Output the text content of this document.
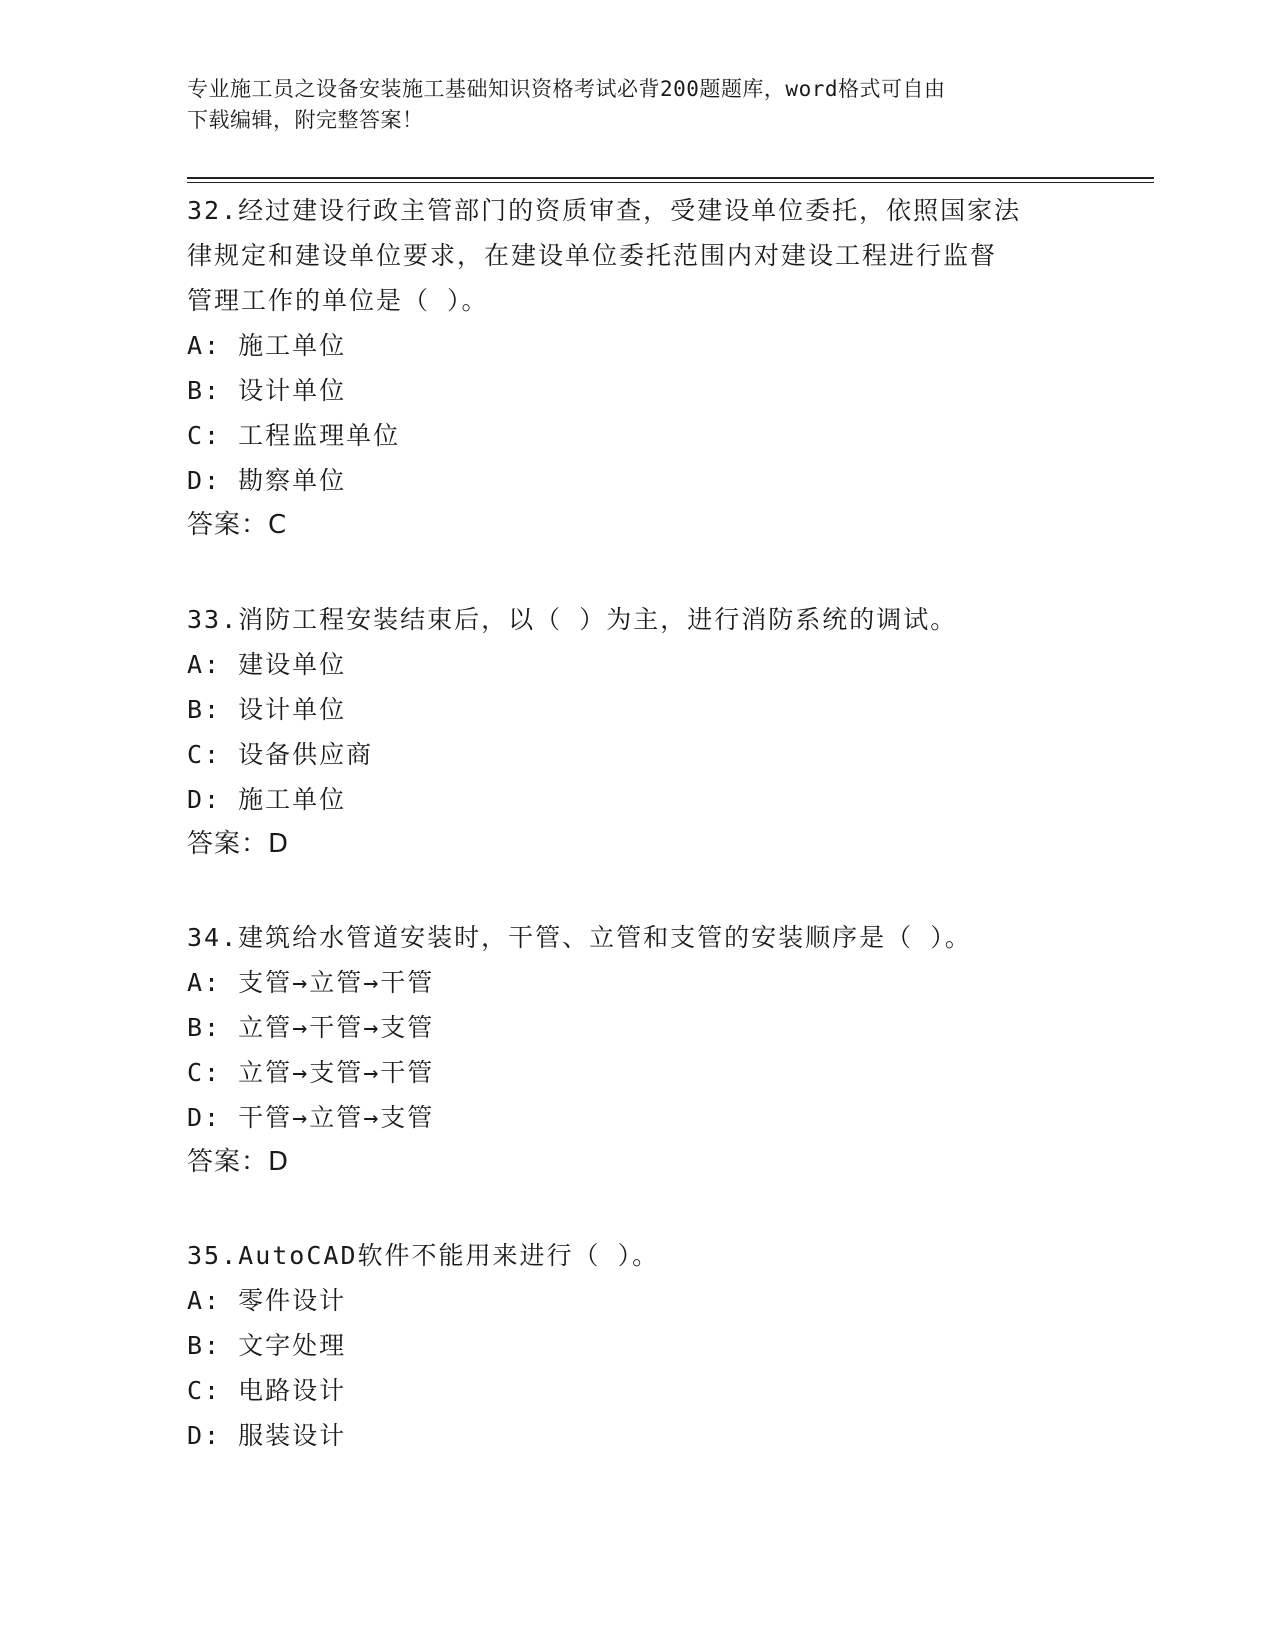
专业施工员之设备安装施工基础知识资格考试必背200题题库，word格式可自由
下载编辑，附完整答案！

32.经过建设行政主管部门的资质审查，受建设单位委托，依照国家法

律规定和建设单位要求，在建设单位委托范围内对建设工程进行监督

管理工作的单位是（ ）。

A: 施工单位

B: 设计单位

C: 工程监理单位

D: 勘察单位

答案：C

33.消防工程安装结束后，以（ ）为主，进行消防系统的调试。

A: 建设单位

B: 设计单位

C: 设备供应商

D: 施工单位

答案：D

34.建筑给水管道安装时，干管、立管和支管的安装顺序是（ ）。

A: 支管→立管→干管

B: 立管→干管→支管

C: 立管→支管→干管

D: 干管→立管→支管

答案：D

35.AutoCAD软件不能用来进行（ ）。

A: 零件设计

B: 文字处理

C: 电路设计

D: 服装设计
